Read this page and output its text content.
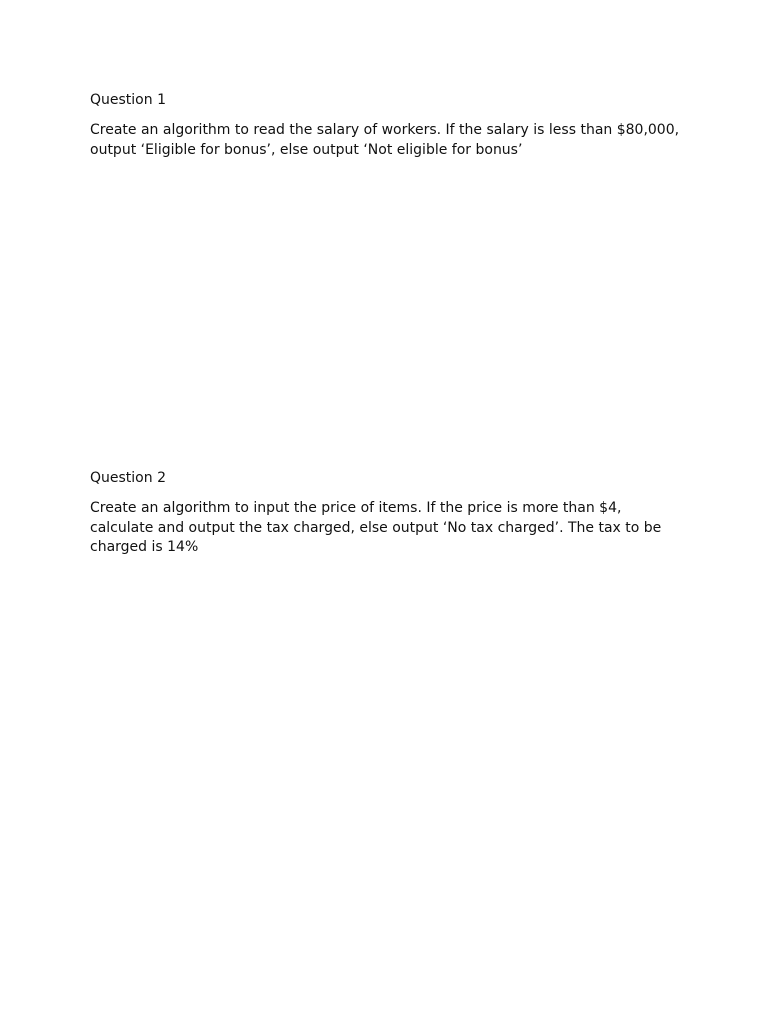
Question 1

Create an algorithm to read the salary of workers. If the salary is less than $80,000, output ‘Eligible for bonus’, else output ‘Not eligible for bonus’

Question 2

Create an algorithm to input the price of items. If the price is more than $4, calculate and output the tax charged, else output ‘No tax charged’. The tax to be charged is 14%
